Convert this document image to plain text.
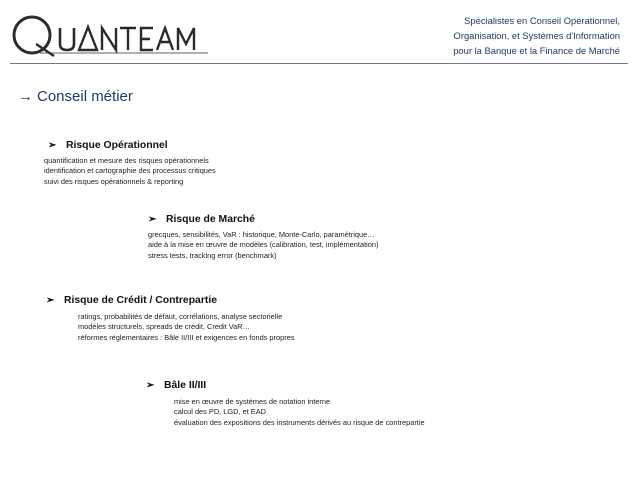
Spécialistes en Conseil Opérationnel,
Organisation, et Systèmes d'Information
pour la Banque et la Finance de Marché
→ Conseil métier
➢ Risque Opérationnel
quantification et mesure des risques opérationnels
identification et cartographie des processus critiques
suivi des risques opérationnels & reporting
➢ Risque de Marché
grecques, sensibilités, VaR : historique, Monte-Carlo, paramétrique…
aide à la mise en œuvre de modèles (calibration, test, implémentation)
stress tests, tracking error (benchmark)
➢ Risque de Crédit / Contrepartie
ratings, probabilités de défaut, corrélations, analyse sectorielle
modèles structurels, spreads de crédit, Credit VaR…
réformes réglementaires : Bâle II/III et exigences en fonds propres
➢ Bâle II/III
mise en œuvre de systèmes de notation interne
calcul des PD, LGD, et EAD
évaluation des expositions des instruments dérivés au risque de contrepartie
